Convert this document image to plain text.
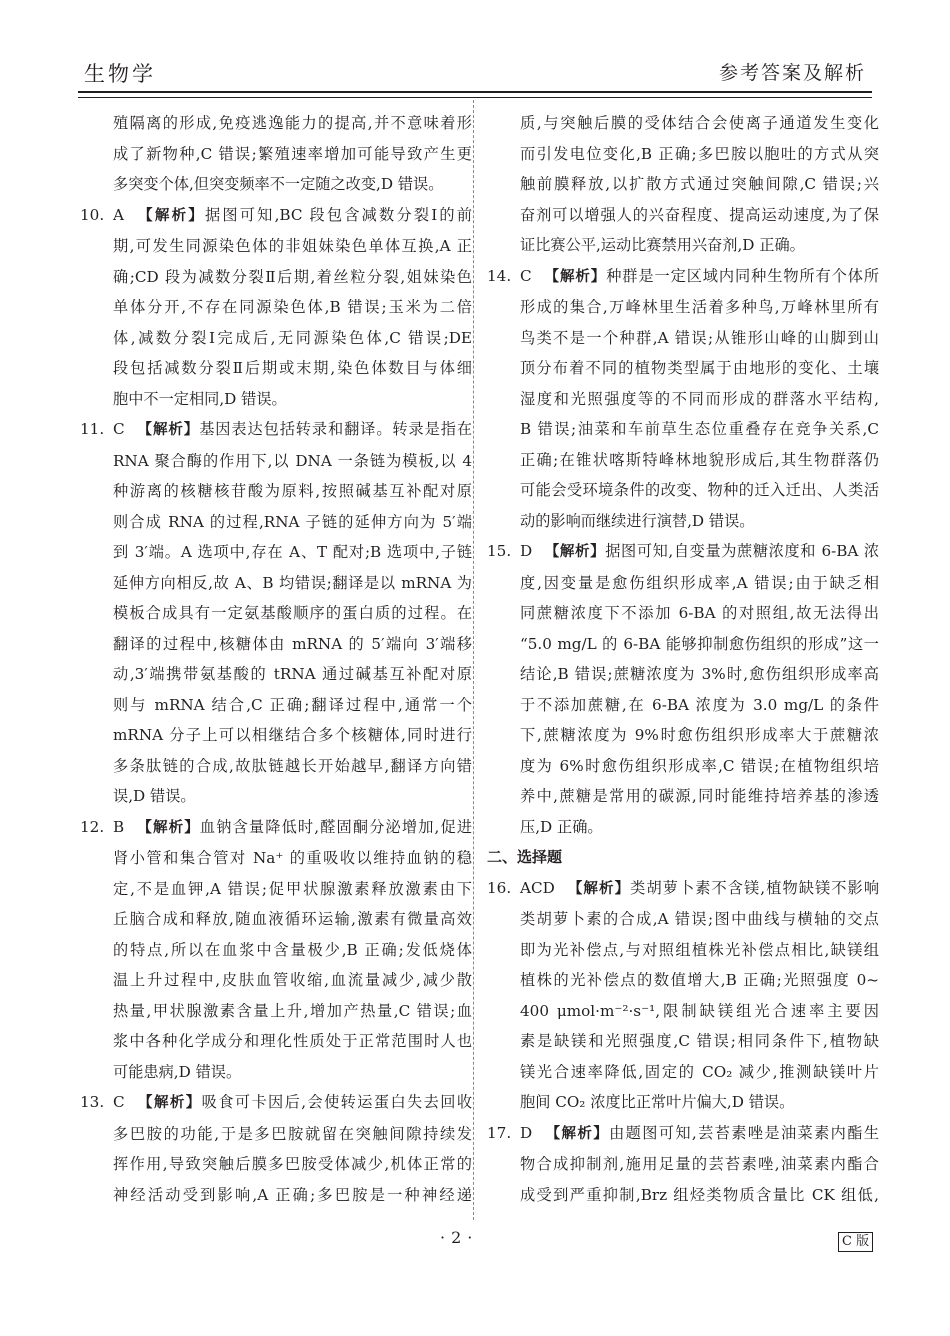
生物学	参考答案及解析
殖隔离的形成,免疫逃逸能力的提高,并不意味着形
成了新物种,C 错误;繁殖速率增加可能导致产生更
多突变个体,但突变频率不一定随之改变,D 错误。
10. A 【解析】据图可知,BC 段包含减数分裂Ⅰ的前
期,可发生同源染色体的非姐妹染色单体互换,A 正
确;CD 段为减数分裂Ⅱ后期,着丝粒分裂,姐妹染色
单体分开,不存在同源染色体,B 错误;玉米为二倍
体,减数分裂Ⅰ完成后,无同源染色体,C 错误;DE
段包括减数分裂Ⅱ后期或末期,染色体数目与体细
胞中不一定相同,D 错误。
11. C 【解析】基因表达包括转录和翻译。转录是指在
RNA 聚合酶的作用下,以 DNA 一条链为模板,以 4
种游离的核糖核苷酸为原料,按照碱基互补配对原
则合成 RNA 的过程,RNA 子链的延伸方向为 5′端
到 3′端。A 选项中,存在 A、T 配对;B 选项中,子链
延伸方向相反,故 A、B 均错误;翻译是以 mRNA 为
模板合成具有一定氨基酸顺序的蛋白质的过程。在
翻译的过程中,核糖体由 mRNA 的 5′端向 3′端移
动,3′端携带氨基酸的 tRNA 通过碱基互补配对原
则与 mRNA 结合,C 正确;翻译过程中,通常一个
mRNA 分子上可以相继结合多个核糖体,同时进行
多条肽链的合成,故肽链越长开始越早,翻译方向错
误,D 错误。
12. B 【解析】血钠含量降低时,醛固酮分泌增加,促进
肾小管和集合管对 Na⁺ 的重吸收以维持血钠的稳
定,不是血钾,A 错误;促甲状腺激素释放激素由下
丘脑合成和释放,随血液循环运输,激素有微量高效
的特点,所以在血浆中含量极少,B 正确;发低烧体
温上升过程中,皮肤血管收缩,血流量减少,减少散
热量,甲状腺激素含量上升,增加产热量,C 错误;血
浆中各种化学成分和理化性质处于正常范围时人也
可能患病,D 错误。
13. C 【解析】吸食可卡因后,会使转运蛋白失去回收
多巴胺的功能,于是多巴胺就留在突触间隙持续发
挥作用,导致突触后膜多巴胺受体减少,机体正常的
神经活动受到影响,A 正确;多巴胺是一种神经递
质,与突触后膜的受体结合会使离子通道发生变化
而引发电位变化,B 正确;多巴胺以胞吐的方式从突
触前膜释放,以扩散方式通过突触间隙,C 错误;兴
奋剂可以增强人的兴奋程度、提高运动速度,为了保
证比赛公平,运动比赛禁用兴奋剂,D 正确。
14. C 【解析】种群是一定区域内同种生物所有个体所
形成的集合,万峰林里生活着多种鸟,万峰林里所有
鸟类不是一个种群,A 错误;从锥形山峰的山脚到山
顶分布着不同的植物类型属于由地形的变化、土壤
湿度和光照强度等的不同而形成的群落水平结构,
B 错误;油菜和车前草生态位重叠存在竞争关系,C
正确;在锥状喀斯特峰林地貌形成后,其生物群落仍
可能会受环境条件的改变、物种的迁入迁出、人类活
动的影响而继续进行演替,D 错误。
15. D 【解析】据图可知,自变量为蔗糖浓度和 6-BA 浓
度,因变量是愈伤组织形成率,A 错误;由于缺乏相
同蔗糖浓度下不添加 6-BA 的对照组,故无法得出
“5.0 mg/L 的 6-BA 能够抑制愈伤组织的形成”这一
结论,B 错误;蔗糖浓度为 3%时,愈伤组织形成率高
于不添加蔗糖,在 6-BA 浓度为 3.0 mg/L 的条件
下,蔗糖浓度为 9%时愈伤组织形成率大于蔗糖浓
度为 6%时愈伤组织形成率,C 错误;在植物组织培
养中,蔗糖是常用的碳源,同时能维持培养基的渗透
压,D 正确。
二、选择题
16. ACD 【解析】类胡萝卜素不含镁,植物缺镁不影响
类胡萝卜素的合成,A 错误;图中曲线与横轴的交点
即为光补偿点,与对照组植株光补偿点相比,缺镁组
植株的光补偿点的数值增大,B 正确;光照强度 0~
400 μmol·m⁻²·s⁻¹,限制缺镁组光合速率主要因
素是缺镁和光照强度,C 错误;相同条件下,植物缺
镁光合速率降低,固定的 CO₂ 减少,推测缺镁叶片
胞间 CO₂ 浓度比正常叶片偏大,D 错误。
17. D 【解析】由题图可知,芸苔素唑是油菜素内酯生
物合成抑制剂,施用足量的芸苔素唑,油菜素内酯合
成受到严重抑制,Brz 组烃类物质含量比 CK 组低,
·2·	C 版
